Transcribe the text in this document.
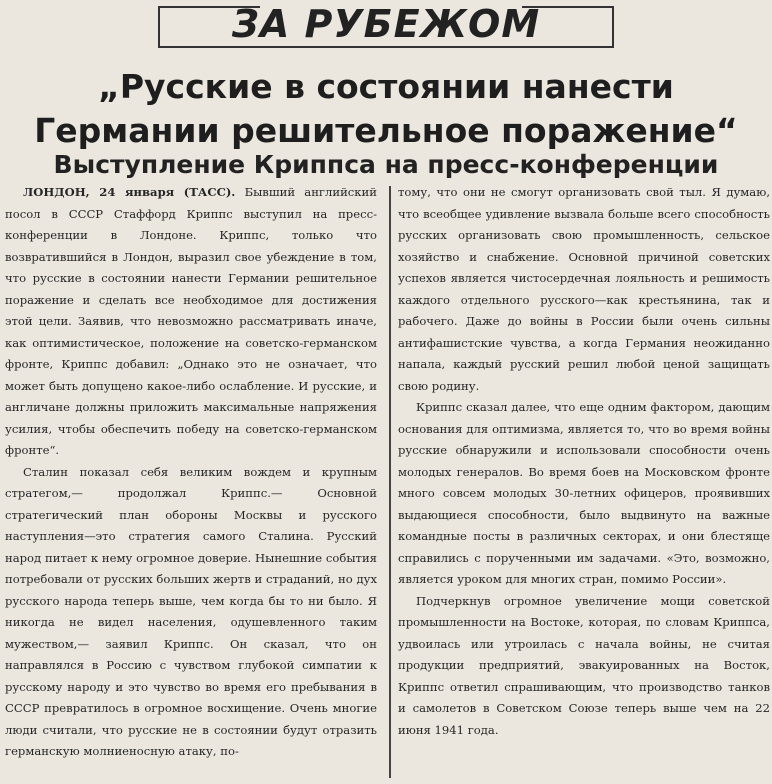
ЗА РУБЕЖОМ
„Русские в состоянии нанести Германии решительное поражение“
Выступление Криппса на пресс-конференции

ЛОНДОН, 24 января (ТАСС). Бывший английский посол в СССР Стаффорд Криппс выступил на пресс-конференции в Лондоне. Криппс, только что возвратившийся в Лондон, выразил свое убеждение в том, что русские в состоянии нанести Германии решительное поражение и сделать все необходимое для достижения этой цели. Заявив, что невозможно рассматривать иначе, как оптимистическое, положение на советско-германском фронте, Криппс добавил: „Однако это не означает, что может быть допущено какое-либо ослабление. И русские, и англичане должны приложить максимальные напряжения усилия, чтобы обеспечить победу на советско-германском фронте“.

Сталин показал себя великим вождем и крупным стратегом,— продолжал Криппс.— Основной стратегический план обороны Москвы и русского наступления—это стратегия самого Сталина. Русский народ питает к нему огромное доверие. Нынешние события потребовали от русских больших жертв и страданий, но дух русского народа теперь выше, чем когда бы то ни было. Я никогда не видел населения, одушевленного таким мужеством,— заявил Криппс. Он сказал, что он направлялся в Россию с чувством глубокой симпатии к русскому народу и это чувство во время его пребывания в СССР превратилось в огромное восхищение. Очень многие люди считали, что русские не в состоянии будут отразить германскую молниеносную атаку, по-

тому, что они не смогут организовать свой тыл. Я думаю, что всеобщее удивление вызвала больше всего способность русских организовать свою промышленность, сельское хозяйство и снабжение. Основной причиной советских успехов является чистосердечная лояльность и решимость каждого отдельного русского—как крестьянина, так и рабочего. Даже до войны в России были очень сильны антифашистские чувства, а когда Германия неожиданно напала, каждый русский решил любой ценой защищать свою родину.

Криппс сказал далее, что еще одним фактором, дающим основания для оптимизма, является то, что во время войны русские обнаружили и использовали способности очень молодых генералов. Во время боев на Московском фронте много совсем молодых 30-летних офицеров, проявивших выдающиеся способности, было выдвинуто на важные командные посты в различных секторах, и они блестяще справились с порученными им задачами. «Это, возможно, является уроком для многих стран, помимо России».

Подчеркнув огромное увеличение мощи советской промышленности на Востоке, которая, по словам Криппса, удвоилась или утроилась с начала войны, не считая продукции предприятий, эвакуированных на Восток, Криппс ответил спрашивающим, что производство танков и самолетов в Советском Союзе теперь выше чем на 22 июня 1941 года.
